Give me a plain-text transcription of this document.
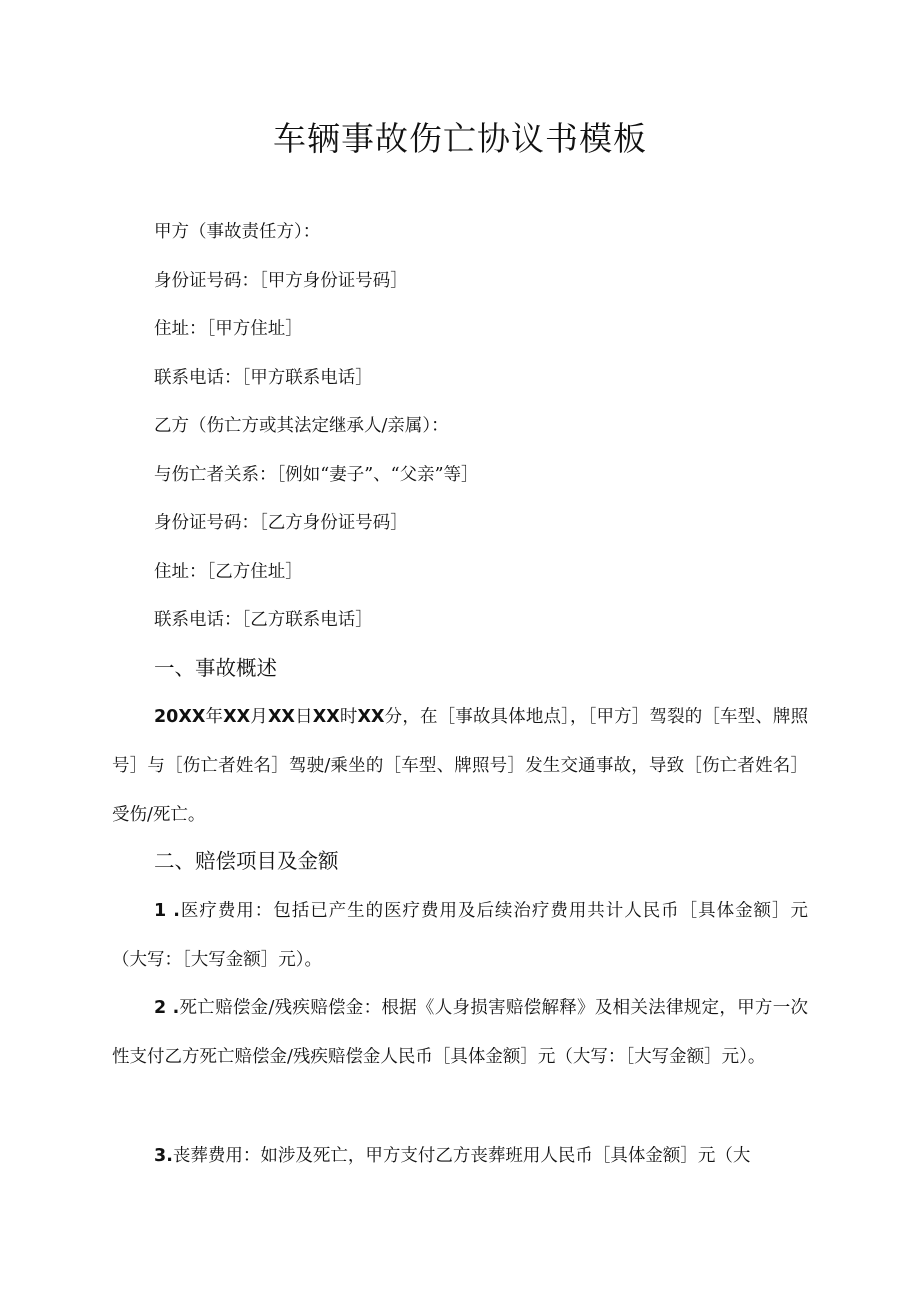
车辆事故伤亡协议书模板
甲方（事故责任方）：
身份证号码：［甲方身份证号码］
住址：［甲方住址］
联系电话：［甲方联系电话］
乙方（伤亡方或其法定继承人/亲属）：
与伤亡者关系：［例如“妻子”、“父亲”等］
身份证号码：［乙方身份证号码］
住址：［乙方住址］
联系电话：［乙方联系电话］
一、事故概述
20XX年XX月XX日XX时XX分，在［事故具体地点］，［甲方］驾裂的［车型、牌照号］与［伤亡者姓名］驾驶/乘坐的［车型、牌照号］发生交通事故，导致［伤亡者姓名］受伤/死亡。
二、赔偿项目及金额
1 .医疗费用：包括已产生的医疗费用及后续治疗费用共计人民币［具体金额］元（大写：［大写金额］元）。
2 .死亡赔偿金/残疾赔偿金：根据《人身损害赔偿解释》及相关法律规定，甲方一次性支付乙方死亡赔偿金/残疾赔偿金人民币［具体金额］元（大写：［大写金额］元）。
3.丧葬费用：如涉及死亡，甲方支付乙方丧葬班用人民币［具体金额］元（大
